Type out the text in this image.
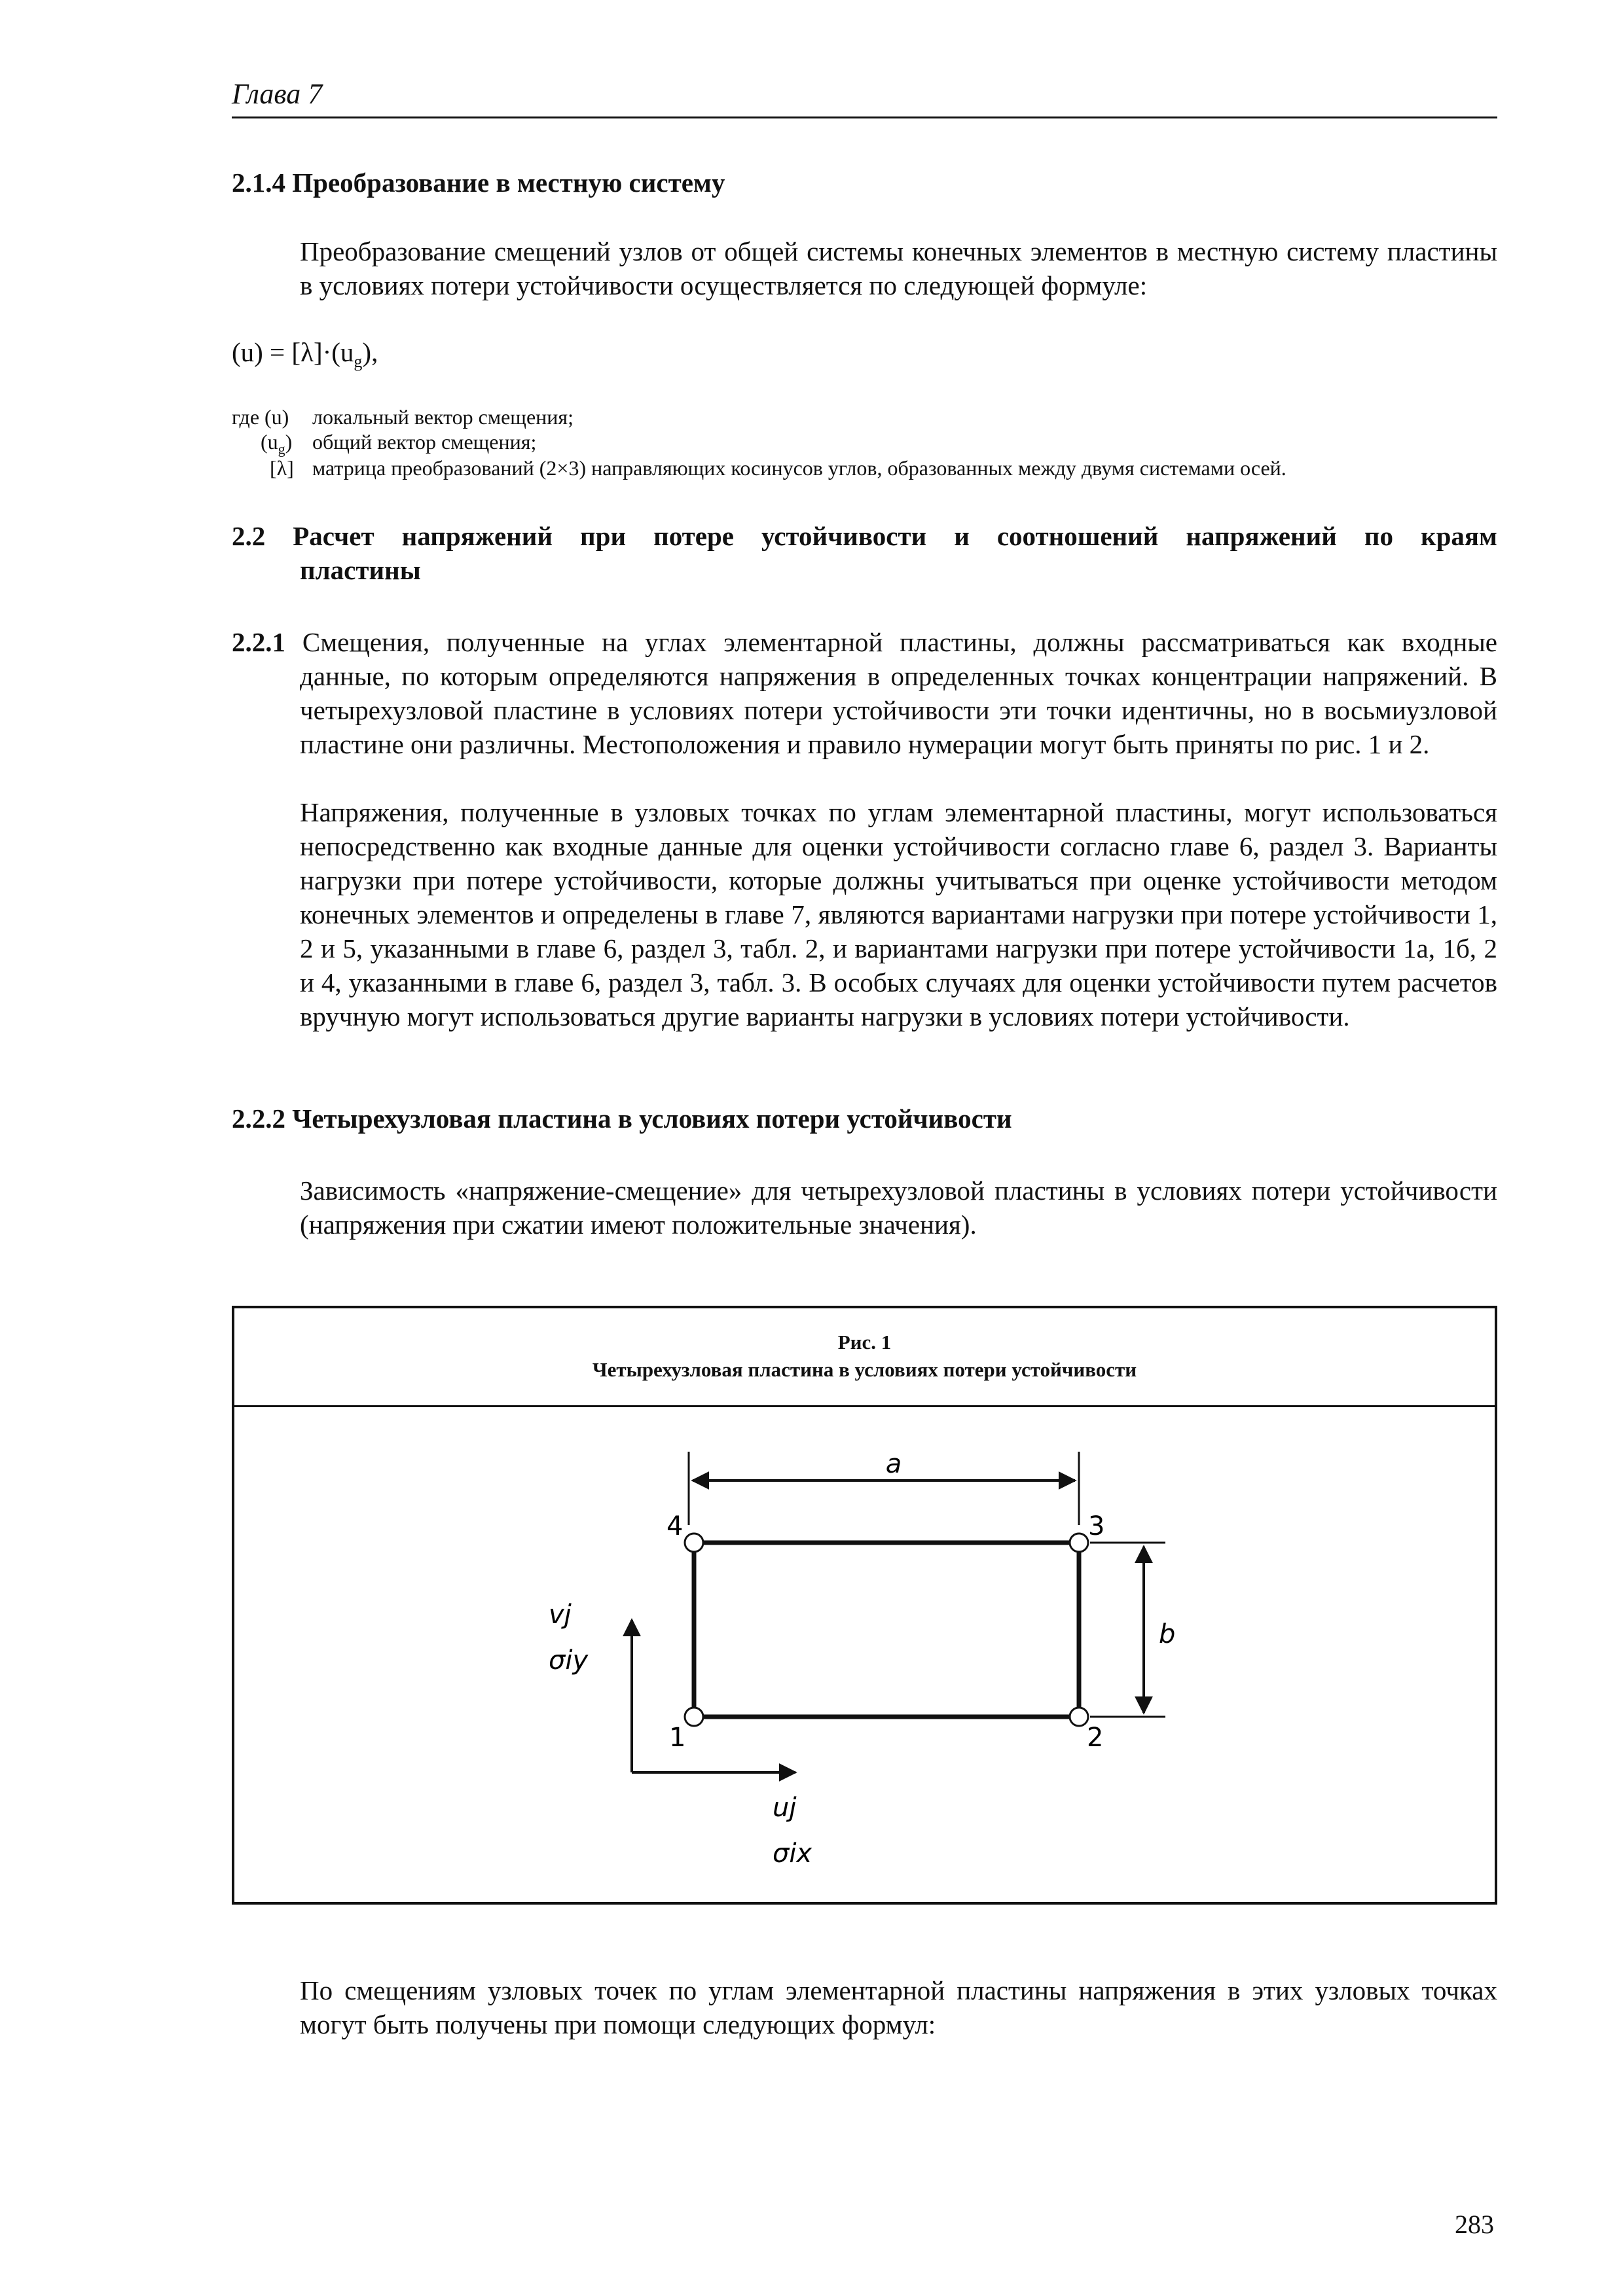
Глава 7
2.1.4 Преобразование в местную систему
Преобразование смещений узлов от общей системы конечных элементов в местную систему пластины в условиях потери устойчивости осуществляется по следующей формуле:
$(u) = [\lambda]\cdot(u_g)$,
где (u) локальный вектор смещения;
$(u_g)$ общий вектор смещения;
[λ] матрица преобразований (2×3) направляющих косинусов углов, образованных между двумя системами осей.
2.2 Расчет напряжений при потере устойчивости и соотношений напряжений по краям
пластины
2.2.1 Смещения, полученные на углах элементарной пластины, должны рассматриваться как входные
данные, по которым определяются напряжения в определенных точках концентрации напряжений. В четырехузловой пластине в условиях потери устойчивости эти точки идентичны, но в восьмиузловой пластине они различны. Местоположения и правило нумерации могут быть приняты по рис. 1 и 2.
Напряжения, полученные в узловых точках по углам элементарной пластины, могут использоваться непосредственно как входные данные для оценки устойчивости согласно главе 6, раздел 3. Варианты нагрузки при потере устойчивости, которые должны учитываться при оценке устойчивости методом конечных элементов и определены в главе 7, являются вариантами нагрузки при потере устойчивости 1, 2 и 5, указанными в главе 6, раздел 3, табл. 2, и вариантами нагрузки при потере устойчивости 1а, 1б, 2 и 4, указанными в главе 6, раздел 3, табл. 3. В особых случаях для оценки устойчивости путем расчетов вручную могут использоваться другие варианты нагрузки в условиях потери устойчивости.
2.2.2 Четырехузловая пластина в условиях потери устойчивости
Зависимость «напряжение-смещение» для четырехузловой пластины в условиях потери устойчивости (напряжения при сжатии имеют положительные значения).
Рис. 1
Четырехузловая пластина в условиях потери устойчивости
a
b
1	2
3
4
vj
σiy
uj
σix
По смещениям узловых точек по углам элементарной пластины напряжения в этих узловых точках могут быть получены при помощи следующих формул:
283
